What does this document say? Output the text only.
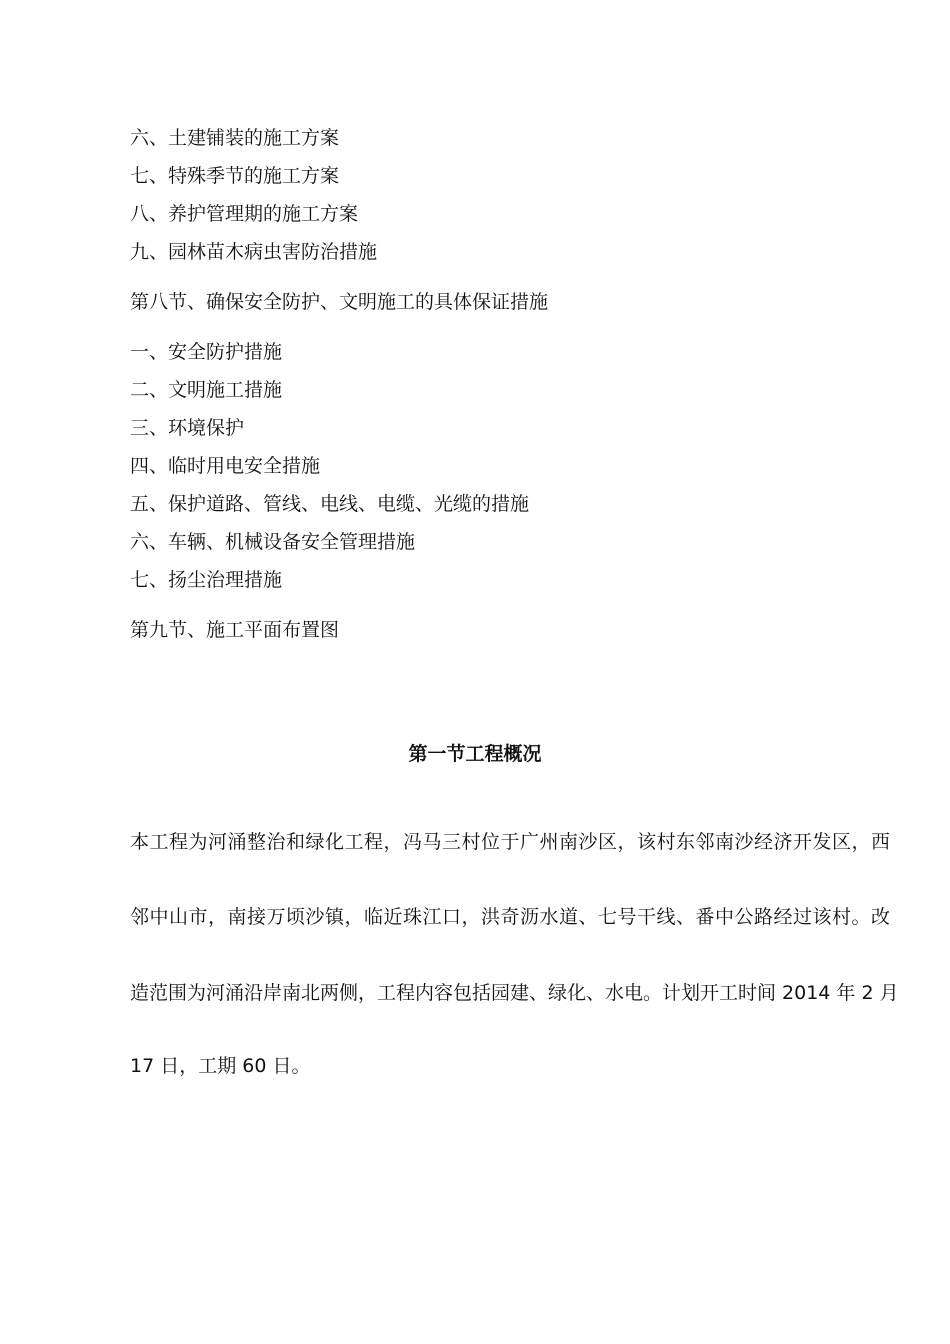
六、土建铺装的施工方案
七、特殊季节的施工方案
八、养护管理期的施工方案
九、园林苗木病虫害防治措施
第八节、确保安全防护、文明施工的具体保证措施
一、安全防护措施
二、文明施工措施
三、环境保护
四、临时用电安全措施
五、保护道路、管线、电线、电缆、光缆的措施
六、车辆、机械设备安全管理措施
七、扬尘治理措施
第九节、施工平面布置图
第一节工程概况
本工程为河涌整治和绿化工程，冯马三村位于广州南沙区，该村东邻南沙经济开发区，西
邻中山市，南接万顷沙镇，临近珠江口，洪奇沥水道、七号干线、番中公路经过该村。改
造范围为河涌沿岸南北两侧，工程内容包括园建、绿化、水电。计划开工时间 2014 年 2 月
17 日，工期 60 日。
